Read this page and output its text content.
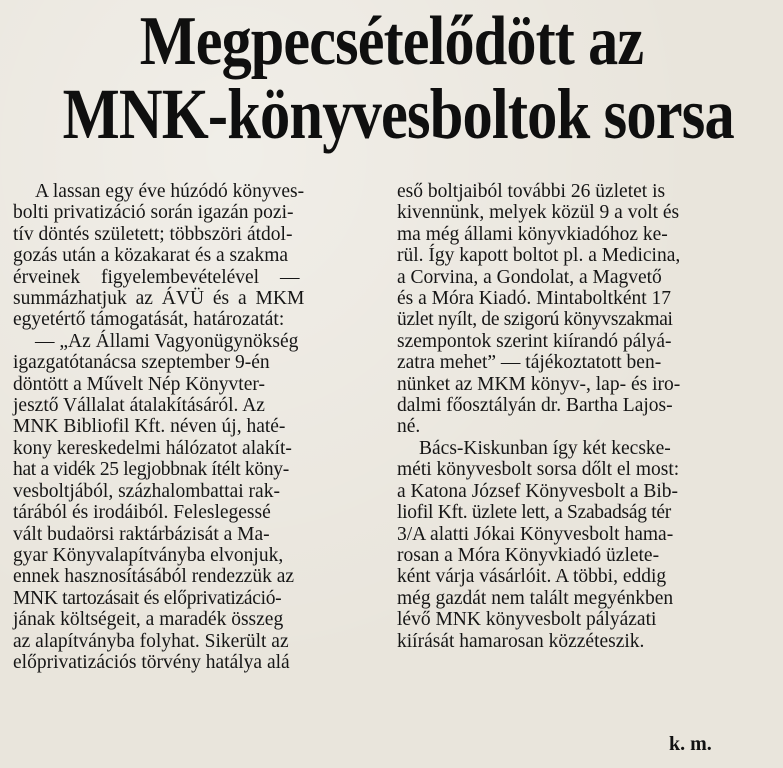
Megpecsételődött az
MNK-könyvesboltok sorsa

A lassan egy éve húzódó könyves-
bolti privatizáció során igazán pozi-
tív döntés született; többszöri átdol-
gozás után a közakarat és a szakma
érveinek figyelembevételével —
summázhatjuk az ÁVÜ és a MKM
egyetértő támogatását, határozatát:

— „Az Állami Vagyonügynökség
igazgatótanácsa szeptember 9-én
döntött a Művelt Nép Könyvter-
jesztő Vállalat átalakításáról. Az
MNK Bibliofil Kft. néven új, haté-
kony kereskedelmi hálózatot alakít-
hat a vidék 25 legjobbnak ítélt köny-
vesboltjából, százhalombattai rak-
tárából és irodáiból. Feleslegessé
vált budaörsi raktárbázisát a Ma-
gyar Könyvalapítványba elvonjuk,
ennek hasznosításából rendezzük az
MNK tartozásait és előprivatizáció-
jának költségeit, a maradék összeg
az alapítványba folyhat. Sikerült az
előprivatizációs törvény hatálya alá

eső boltjaiból további 26 üzletet is
kivennünk, melyek közül 9 a volt és
ma még állami könyvkiadóhoz ke-
rül. Így kapott boltot pl. a Medicina,
a Corvina, a Gondolat, a Magvető
és a Móra Kiadó. Mintaboltként 17
üzlet nyílt, de szigorú könyvszakmai
szempontok szerint kiírandó pályá-
zatra mehet” — tájékoztatott ben-
nünket az MKM könyv-, lap- és iro-
dalmi főosztályán dr. Bartha Lajos-
né.

Bács-Kiskunban így két kecske-
méti könyvesbolt sorsa dőlt el most:
a Katona József Könyvesbolt a Bib-
liofil Kft. üzlete lett, a Szabadság tér
3/A alatti Jókai Könyvesbolt hama-
rosan a Móra Könyvkiadó üzlete-
ként várja vásárlóit. A többi, eddig
még gazdát nem talált megyénkben
lévő MNK könyvesbolt pályázati
kiírását hamarosan közzéteszik.

k. m.
